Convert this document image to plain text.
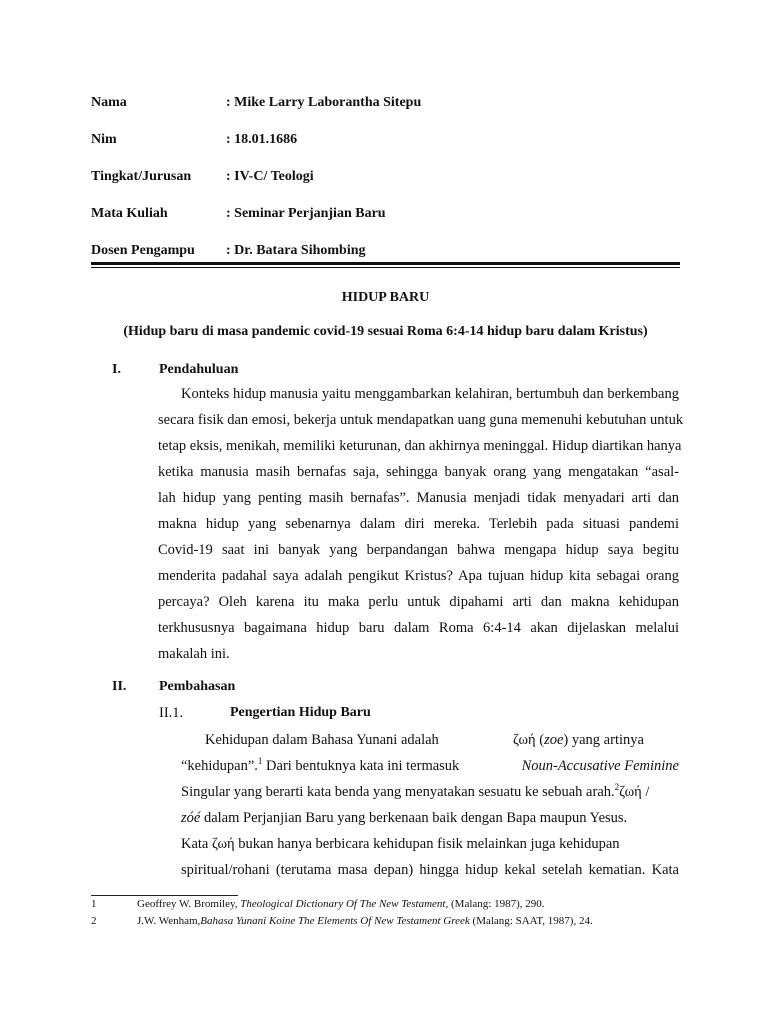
Nama	: Mike Larry Laborantha Sitepu
Nim	: 18.01.1686
Tingkat/Jurusan : IV-C/ Teologi
Mata Kuliah	: Seminar Perjanjian Baru
Dosen Pengampu : Dr. Batara Sihombing
HIDUP BARU
(Hidup baru di masa pandemic covid-19 sesuai Roma 6:4-14 hidup baru dalam Kristus)
I.	Pendahuluan
Konteks hidup manusia yaitu menggambarkan kelahiran, bertumbuh dan berkembang
secara fisik dan emosi, bekerja untuk mendapatkan uang guna memenuhi kebutuhan untuk
tetap eksis, menikah, memiliki keturunan, dan akhirnya meninggal. Hidup diartikan hanya
ketika manusia masih bernafas saja, sehingga banyak orang yang mengatakan “asal-
lah hidup yang penting masih bernafas”. Manusia menjadi tidak menyadari arti dan
makna hidup yang sebenarnya dalam diri mereka. Terlebih pada situasi pandemi
Covid-19 saat ini banyak yang berpandangan bahwa mengapa hidup saya begitu
menderita padahal saya adalah pengikut Kristus? Apa tujuan hidup kita sebagai orang
percaya? Oleh karena itu maka perlu untuk dipahami arti dan makna kehidupan
terkhususnya bagaimana hidup baru dalam Roma 6:4-14 akan dijelaskan melalui
makalah ini.
II. Pembahasan
II.1.	Pengertian Hidup Baru
Kehidupan dalam Bahasa Yunani adalah	ζωή (zoe) yang artinya
“kehidupan”.$^1$ Dari bentuknya kata ini termasuk	Noun-Accusative Feminine
Singular yang berarti kata benda yang menyatakan sesuatu ke sebuah arah.$^2$ζωή /
zóé dalam Perjanjian Baru yang berkenaan baik dengan Bapa maupun Yesus.
Kata ζωή bukan hanya berbicara kehidupan fisik melainkan juga kehidupan
spiritual/rohani (terutama masa depan) hingga hidup kekal setelah kematian. Kata
1	Geoffrey W. Bromiley, Theological Dictionary Of The New Testament, (Malang: 1987), 290.
2	J.W. Wenham,Bahasa Yunani Koine The Elements Of New Testament Greek (Malang: SAAT, 1987), 24.
